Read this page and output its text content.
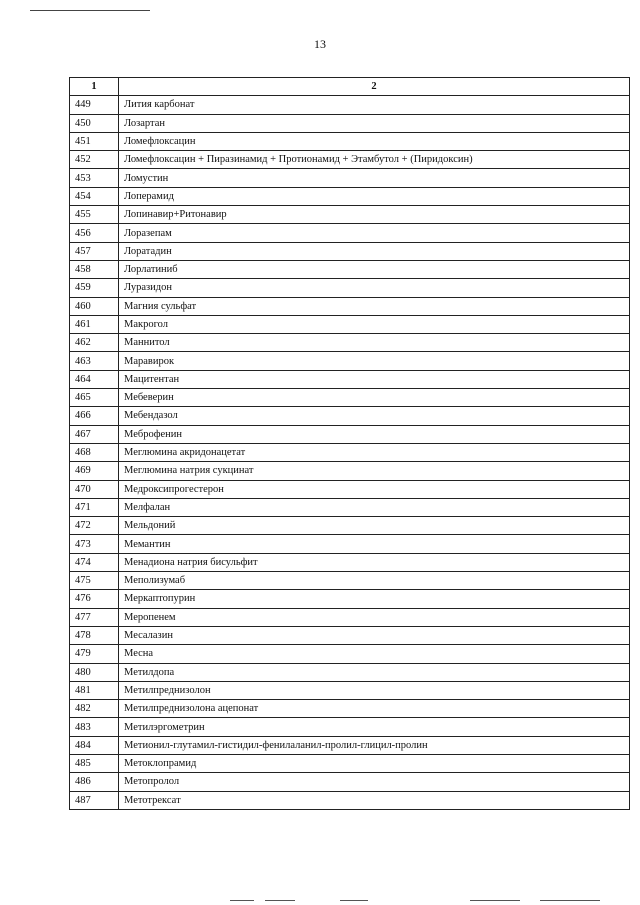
13
1	2
449	Лития карбонат
450	Лозартан
451	Ломефлоксацин
452	Ломефлоксацин + Пиразинамид + Протионамид + Этамбутол + (Пиридоксин)
453	Ломустин
454	Лоперамид
455	Лопинавир+Ритонавир
456	Лоразепам
457	Лоратадин
458	Лорлатиниб
459	Луразидон
460	Магния сульфат
461	Макрогол
462	Маннитол
463	Маравирок
464	Мацитентан
465	Мебеверин
466	Мебендазол
467	Меброфенин
468	Меглюмина акридонацетат
469	Меглюмина натрия сукцинат
470	Медроксипрогестерон
471	Мелфалан
472	Мельдоний
473	Мемантин
474	Менадиона натрия бисульфит
475	Меполизумаб
476	Меркаптопурин
477	Меропенем
478	Месалазин
479	Месна
480	Метилдопа
481	Метилпреднизолон
482	Метилпреднизолона ацепонат
483	Метилэргометрин
484	Метионил-глутамил-гистидил-фенилаланил-пролил-глицил-пролин
485	Метоклопрамид
486	Метопролол
487	Метотрексат
